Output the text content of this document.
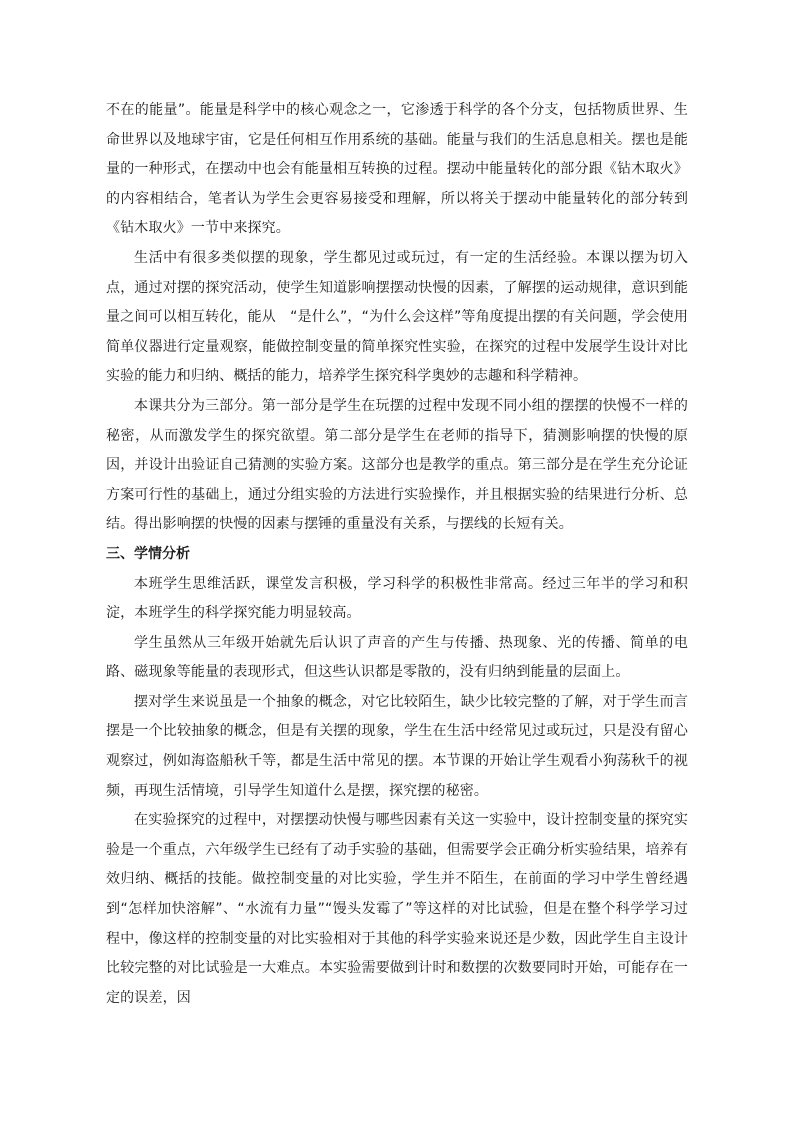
不在的能量”。能量是科学中的核心观念之一，它渗透于科学的各个分支，包括物质世界、生命世界以及地球宇宙，它是任何相互作用系统的基础。能量与我们的生活息息相关。摆也是能量的一种形式，在摆动中也会有能量相互转换的过程。摆动中能量转化的部分跟《钻木取火》的内容相结合，笔者认为学生会更容易接受和理解，所以将关于摆动中能量转化的部分转到《钻木取火》一节中来探究。

生活中有很多类似摆的现象，学生都见过或玩过，有一定的生活经验。本课以摆为切入点，通过对摆的探究活动，使学生知道影响摆摆动快慢的因素，了解摆的运动规律，意识到能量之间可以相互转化，能从　“是什么”，“为什么会这样”等角度提出摆的有关问题，学会使用简单仪器进行定量观察，能做控制变量的简单探究性实验，在探究的过程中发展学生设计对比实验的能力和归纳、概括的能力，培养学生探究科学奥妙的志趣和科学精神。

本课共分为三部分。第一部分是学生在玩摆的过程中发现不同小组的摆摆的快慢不一样的秘密，从而激发学生的探究欲望。第二部分是学生在老师的指导下，猜测影响摆的快慢的原因，并设计出验证自己猜测的实验方案。这部分也是教学的重点。第三部分是在学生充分论证方案可行性的基础上，通过分组实验的方法进行实验操作，并且根据实验的结果进行分析、总结。得出影响摆的快慢的因素与摆锤的重量没有关系，与摆线的长短有关。

三、学情分析

本班学生思维活跃，课堂发言积极，学习科学的积极性非常高。经过三年半的学习和积淀，本班学生的科学探究能力明显较高。

学生虽然从三年级开始就先后认识了声音的产生与传播、热现象、光的传播、简单的电路、磁现象等能量的表现形式，但这些认识都是零散的，没有归纳到能量的层面上。

摆对学生来说虽是一个抽象的概念，对它比较陌生，缺少比较完整的了解，对于学生而言摆是一个比较抽象的概念，但是有关摆的现象，学生在生活中经常见过或玩过，只是没有留心观察过，例如海盗船秋千等，都是生活中常见的摆。本节课的开始让学生观看小狗荡秋千的视频，再现生活情境，引导学生知道什么是摆，探究摆的秘密。

在实验探究的过程中，对摆摆动快慢与哪些因素有关这一实验中，设计控制变量的探究实验是一个重点，六年级学生已经有了动手实验的基础，但需要学会正确分析实验结果，培养有效归纳、概括的技能。做控制变量的对比实验，学生并不陌生，在前面的学习中学生曾经遇到“怎样加快溶解”、“水流有力量”“馒头发霉了”等这样的对比试验，但是在整个科学学习过程中，像这样的控制变量的对比实验相对于其他的科学实验来说还是少数，因此学生自主设计比较完整的对比试验是一大难点。本实验需要做到计时和数摆的次数要同时开始，可能存在一定的误差，因
